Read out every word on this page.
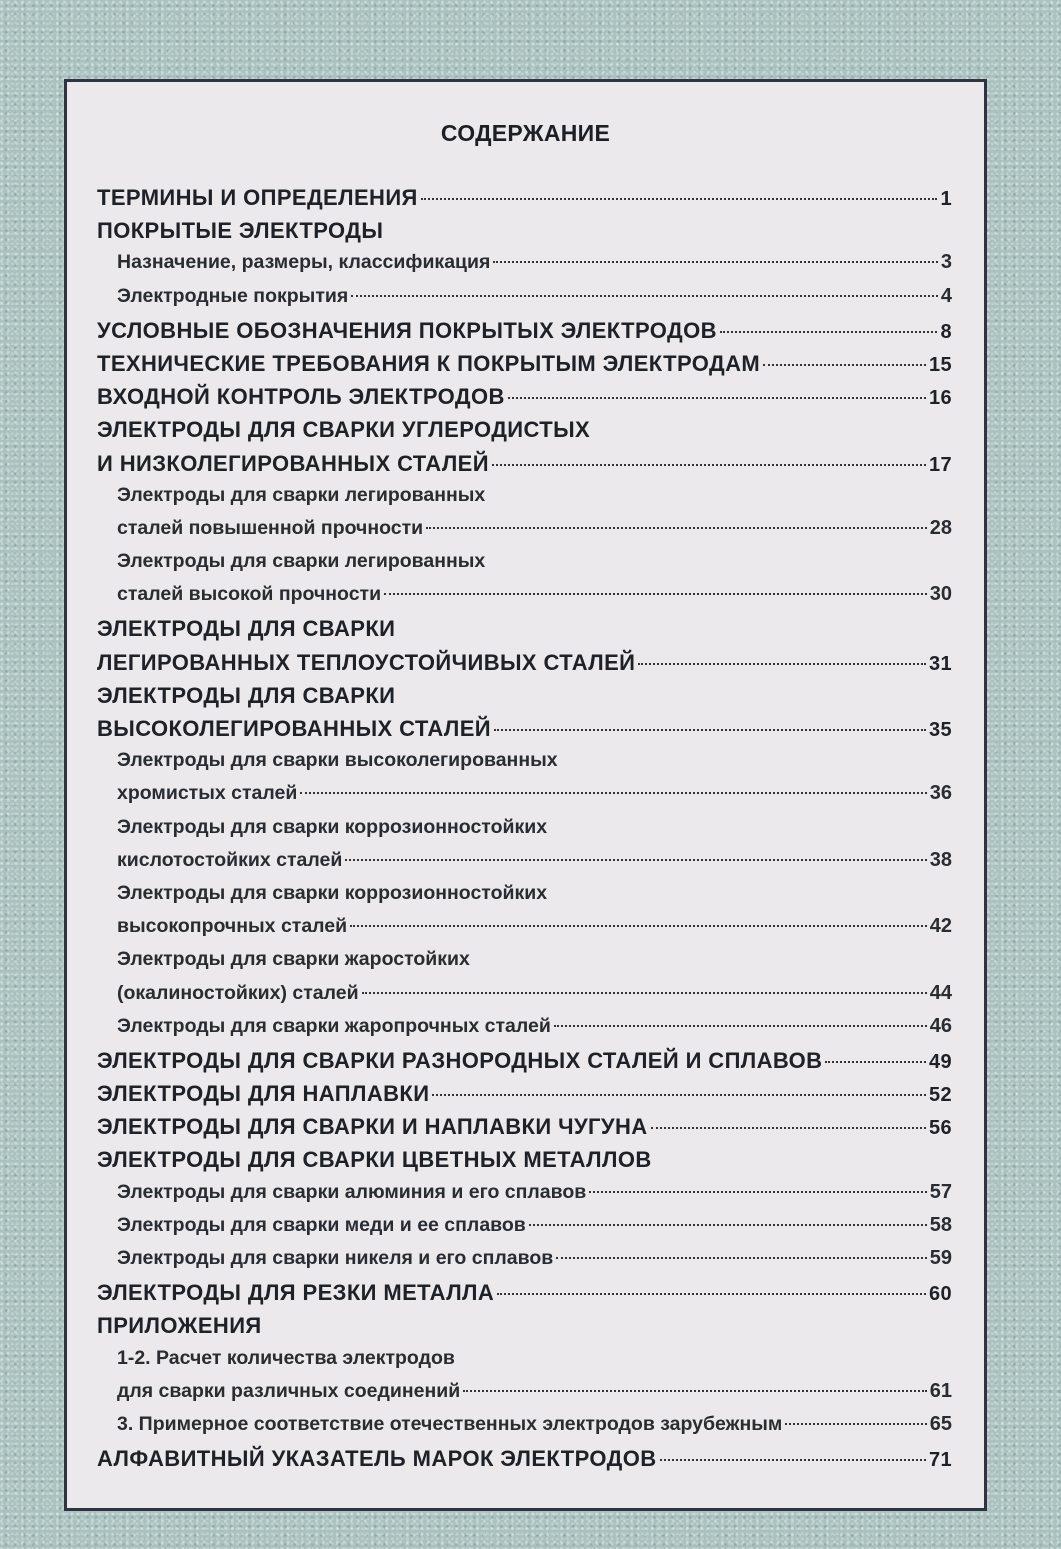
СОДЕРЖАНИЕ
ТЕРМИНЫ И ОПРЕДЕЛЕНИЯ	1
ПОКРЫТЫЕ ЭЛЕКТРОДЫ
Назначение, размеры, классификация	3
Электродные покрытия	4
УСЛОВНЫЕ ОБОЗНАЧЕНИЯ ПОКРЫТЫХ ЭЛЕКТРОДОВ	8
ТЕХНИЧЕСКИЕ ТРЕБОВАНИЯ К ПОКРЫТЫМ ЭЛЕКТРОДАМ	15
ВХОДНОЙ КОНТРОЛЬ ЭЛЕКТРОДОВ	16
ЭЛЕКТРОДЫ ДЛЯ СВАРКИ УГЛЕРОДИСТЫХ
И НИЗКОЛЕГИРОВАННЫХ СТАЛЕЙ	17
Электроды для сварки легированных
сталей повышенной прочности	28
Электроды для сварки легированных
сталей высокой прочности	30
ЭЛЕКТРОДЫ ДЛЯ СВАРКИ
ЛЕГИРОВАННЫХ ТЕПЛОУСТОЙЧИВЫХ СТАЛЕЙ	31
ЭЛЕКТРОДЫ ДЛЯ СВАРКИ
ВЫСОКОЛЕГИРОВАННЫХ СТАЛЕЙ	35
Электроды для сварки высоколегированных
хромистых сталей	36
Электроды для сварки коррозионностойких
кислотостойких сталей	38
Электроды для сварки коррозионностойких
высокопрочных сталей	42
Электроды для сварки жаростойких
(окалиностойких) сталей	44
Электроды для сварки жаропрочных сталей	46
ЭЛЕКТРОДЫ ДЛЯ СВАРКИ РАЗНОРОДНЫХ СТАЛЕЙ И СПЛАВОВ	49
ЭЛЕКТРОДЫ ДЛЯ НАПЛАВКИ	52
ЭЛЕКТРОДЫ ДЛЯ СВАРКИ И НАПЛАВКИ ЧУГУНА	56
ЭЛЕКТРОДЫ ДЛЯ СВАРКИ ЦВЕТНЫХ МЕТАЛЛОВ
Электроды для сварки алюминия и его сплавов	57
Электроды для сварки меди и ее сплавов	58
Электроды для сварки никеля и его сплавов	59
ЭЛЕКТРОДЫ ДЛЯ РЕЗКИ МЕТАЛЛА	60
ПРИЛОЖЕНИЯ
1-2. Расчет количества электродов
для сварки различных соединений	61
3. Примерное соответствие отечественных электродов зарубежным	65
АЛФАВИТНЫЙ УКАЗАТЕЛЬ МАРОК ЭЛЕКТРОДОВ	71
